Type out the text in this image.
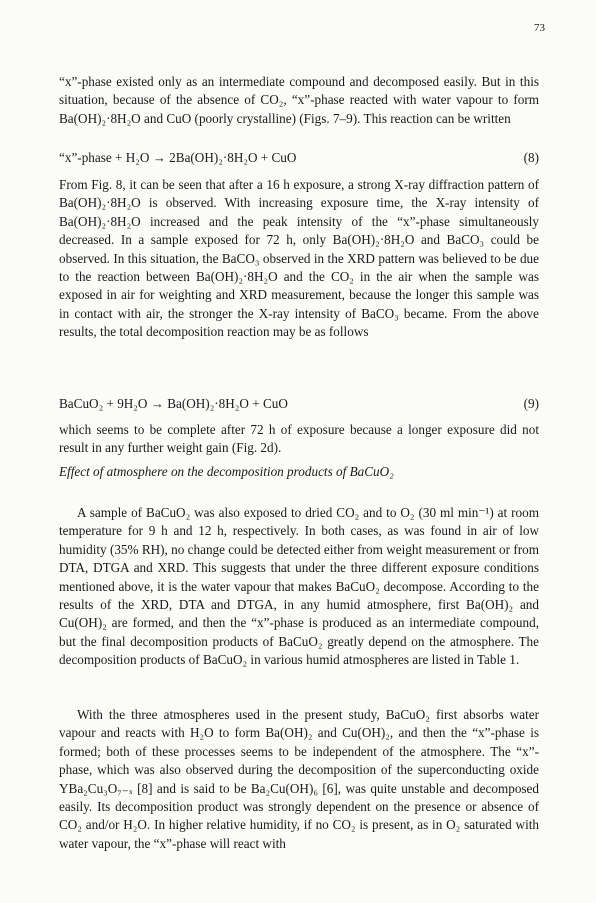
73

“x”-phase existed only as an intermediate compound and decomposed easily. But in this situation, because of the absence of CO₂, “x”-phase reacted with water vapour to form Ba(OH)₂·8H₂O and CuO (poorly crystalline) (Figs. 7–9). This reaction can be written

“x”-phase + H₂O → 2Ba(OH)₂·8H₂O + CuO	(8)

From Fig. 8, it can be seen that after a 16 h exposure, a strong X-ray diffraction pattern of Ba(OH)₂·8H₂O is observed. With increasing exposure time, the X-ray intensity of Ba(OH)₂·8H₂O increased and the peak intensity of the “x”-phase simultaneously decreased. In a sample exposed for 72 h, only Ba(OH)₂·8H₂O and BaCO₃ could be observed. In this situation, the BaCO₃ observed in the XRD pattern was believed to be due to the reaction between Ba(OH)₂·8H₂O and the CO₂ in the air when the sample was exposed in air for weighting and XRD measurement, because the longer this sample was in contact with air, the stronger the X-ray intensity of BaCO₃ became. From the above results, the total decomposition reaction may be as follows

BaCuO₂ + 9H₂O → Ba(OH)₂·8H₂O + CuO	(9)

which seems to be complete after 72 h of exposure because a longer exposure did not result in any further weight gain (Fig. 2d).

Effect of atmosphere on the decomposition products of BaCuO₂

A sample of BaCuO₂ was also exposed to dried CO₂ and to O₂ (30 ml min⁻¹) at room temperature for 9 h and 12 h, respectively. In both cases, as was found in air of low humidity (35% RH), no change could be detected either from weight measurement or from DTA, DTGA and XRD. This suggests that under the three different exposure conditions mentioned above, it is the water vapour that makes BaCuO₂ decompose. According to the results of the XRD, DTA and DTGA, in any humid atmosphere, first Ba(OH)₂ and Cu(OH)₂ are formed, and then the “x”-phase is produced as an intermediate compound, but the final decomposition products of BaCuO₂ greatly depend on the atmosphere. The decomposition products of BaCuO₂ in various humid atmospheres are listed in Table 1.

With the three atmospheres used in the present study, BaCuO₂ first absorbs water vapour and reacts with H₂O to form Ba(OH)₂ and Cu(OH)₂, and then the “x”-phase is formed; both of these processes seems to be independent of the atmosphere. The “x”-phase, which was also observed during the decomposition of the superconducting oxide YBa₂Cu₃O₇₋ₓ [8] and is said to be Ba₂Cu(OH)₆ [6], was quite unstable and decomposed easily. Its decomposition product was strongly dependent on the presence or absence of CO₂ and/or H₂O. In higher relative humidity, if no CO₂ is present, as in O₂ saturated with water vapour, the “x”-phase will react with
